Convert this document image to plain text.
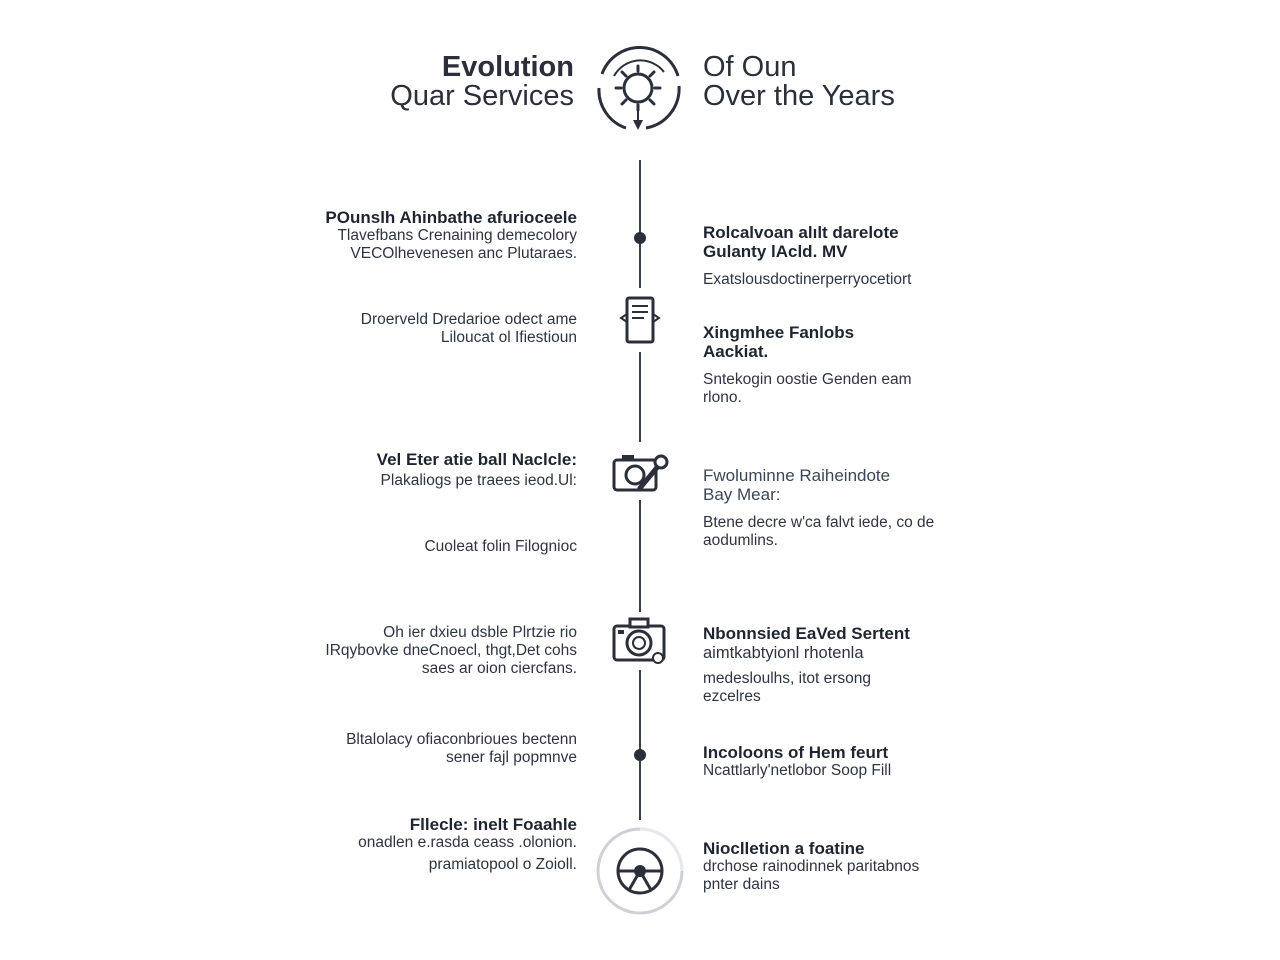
Evolution
Quar Services
Of Oun
Over the Years
POunslh Ahinbathe afurioceele
Tlavefbans Crenaining demecolory
VECOlhevenesen anc Plutaraes.
Droerveld Dredarioe odect ame
Liloucat ol Ifiestioun
Vel Eter atie ball Naclcle:
Plakaliogs pe traees ieod.Ul:
Cuoleat folin Filognioc
Oh ier dxieu dsble Plrtzie rio
IRqybovke dneCnoecl, thgt,Det cohs
saes ar oion ciercfans.
Bltalolacy ofiaconbrioues bectenn
sener fajl popmnve
Fllecle: inelt Foaahle
onadlen e.rasda ceass .olonion.
pramiatopool o Zoioll.
Rolcalvoan alılt darelote
Gulanty lAcld. MV
Exatslousdoctinerperryocetiort
Xingmhee Fanlobs
Aackiat.
Sntekogin oostie Genden eam
rlono.
Fwoluminne Raiheindote
Bay Mear:
Btene decre w'ca falvt iede, co de
aodumlins.
Nbonnsied EaVed Sertent
aimtkabtyionl rhotenla
medesloulhs, itot ersong
ezcelres
Incoloons of Hem feurt
Ncattlarly'netlobor Soop Fill
Nioclletion a foatine
drchose rainodinnek paritabnos
pnter dains
